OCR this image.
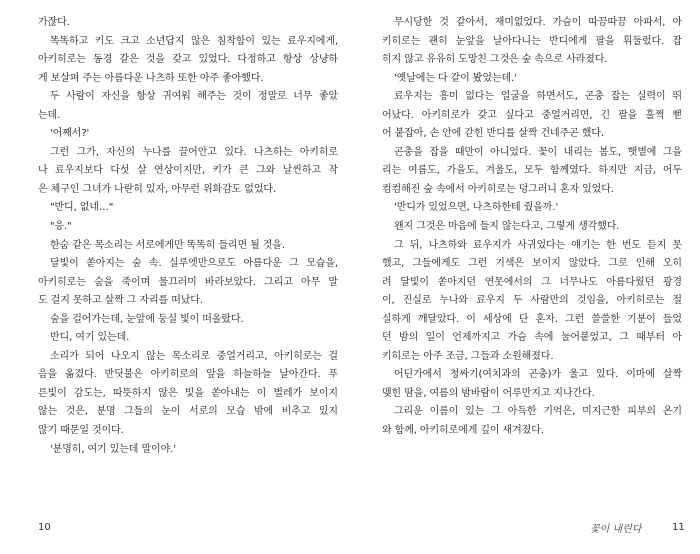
가잖다.
똑똑하고 키도 크고 소년답지 않은 침착함이 있는 료우지에게,
아키히로는 동경 같은 것을 갖고 있었다. 다정하고 항상 상냥하
게 보살펴 주는 아름다운 나츠하 또한 아주 좋아했다.
두 사람이 자신을 항상 귀여워 해주는 것이 정말로 너무 좋았
는데.
'어째서?'
그런 그가, 자신의 누나를 끌어안고 있다. 나츠하는 아키히로
나 료우지보다 다섯 살 연상이지만, 키가 큰 그와 날씬하고 작
은 체구인 그녀가 나란히 있자, 아무런 위화감도 없었다.
"반디, 없네…"
"응."
한숨 같은 목소리는 서로에게만 똑똑히 들리면 될 것을.
달빛이 쏟아지는 숲 속. 실루엣만으로도 아름다운 그 모습을,
아키히로는 숨을 죽이며 물끄러미 바라보았다. 그리고 아무 말
도 걸지 못하고 살짝 그 자리를 떠났다.
숲을 걸어가는데, 눈앞에 둥실 빛이 떠올랐다.
반디, 여기 있는데.
소리가 되어 나오지 않는 목소리로 중얼거리고, 아키히로는 걸
음을 옮겼다. 반딧불은 아키히로의 앞을 하늘하늘 날아간다. 푸
른빛이 감도는, 따뜻하지 않은 빛을 쏟아내는 이 벌레가 보이지
않는 것은, 분명 그들의 눈이 서로의 모습 밖에 비추고 있지
않기 때문일 것이다.
'분명히, 여기 있는데 말이야.'
10
무시당한 것 같아서, 재미없었다. 가슴이 따끔따끔 아파서, 아
키히로는 괜히 눈앞을 날아다니는 반디에게 팔을 휘둘렀다. 잡
히지 않고 유유히 도망친 그것은 숲 속으로 사라졌다.
'옛날에는 다 같이 봤었는데.'
료우지는 흥미 없다는 얼굴을 하면서도, 곤충 잡는 실력이 뛰
어났다. 아키히로가 갖고 싶다고 중얼거리면, 긴 팔을 훌쩍 뻗
어 붙잡아, 손 안에 갇힌 반디를 살짝 건네주곤 했다.
곤충을 잡을 때만이 아니었다. 꽃이 내리는 봄도, 햇볕에 그을
리는 여름도, 가을도, 겨울도, 모두 함께였다. 하지만 지금, 어두
컴컴해진 숲 속에서 아키히로는 덩그러니 혼자 있었다.
'반디가 있었으면, 나츠하한테 줬을까.'
왠지 그것은 마음에 들지 않는다고, 그렇게 생각했다.
그 뒤, 나츠하와 료우지가 사귀었다는 얘기는 한 번도 듣지 못
했고, 그들에게도 그런 기색은 보이지 않았다. 그로 인해 오히
려 달빛이 쏟아지던 연못에서의 그 너무나도 아름다웠던 광경
이, 진실로 누나와 료우지 두 사람만의 것임을, 아키히로는 절
실하게 깨달았다. 이 세상에 단 혼자. 그런 쓸쓸한 기분이 들었
던 밤의 일이 언제까지고 가슴 속에 눌어붙었고, 그 때부터 아
키히로는 아주 조금, 그들과 소원해졌다.
어딘가에서 청싸기(여치과의 곤충)가 울고 있다. 이마에 살짝
맺힌 땀을, 여름의 밤바람이 어루만지고 지나간다.
그리운 이름이 있는 그 아득한 기억은, 미지근한 피부의 온기
와 함께, 아키히로에게 깊이 새겨졌다.
꽃이 내린다	11
